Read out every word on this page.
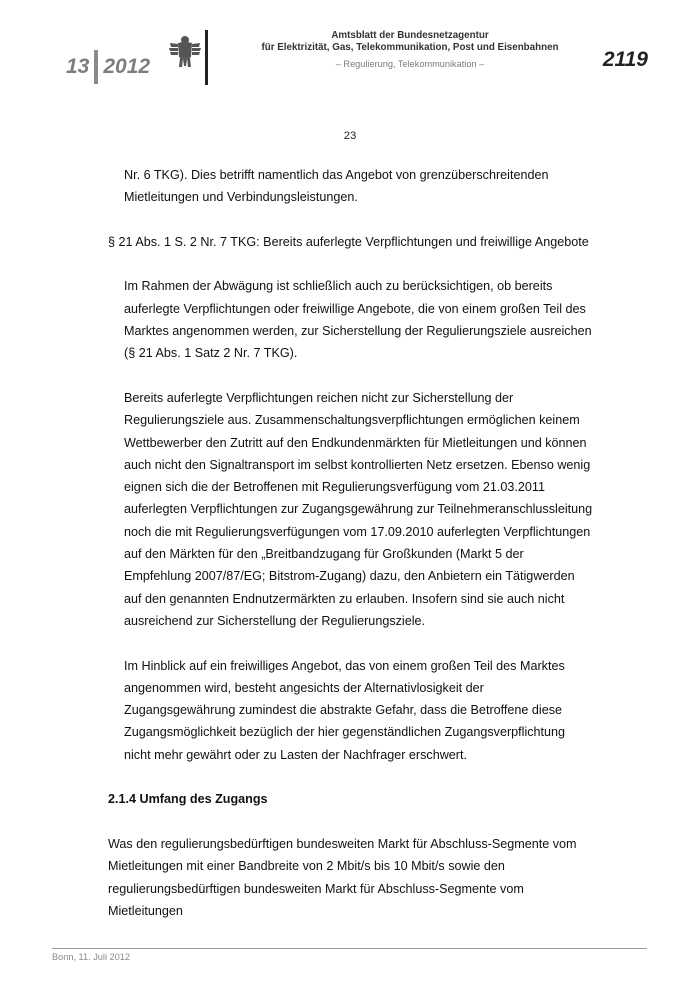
13 2012
Amtsblatt der Bundesnetzagentur
für Elektrizität, Gas, Telekommunikation, Post und Eisenbahnen
– Regulierung, Telekommunikation –	2119
23

Nr. 6 TKG). Dies betrifft namentlich das Angebot von grenzüberschreitenden Mietleitungen und Verbindungsleistungen.

§ 21 Abs. 1 S. 2 Nr. 7 TKG: Bereits auferlegte Verpflichtungen und freiwillige Angebote

Im Rahmen der Abwägung ist schließlich auch zu berücksichtigen, ob bereits auferlegte Verpflichtungen oder freiwillige Angebote, die von einem großen Teil des Marktes angenommen werden, zur Sicherstellung der Regulierungsziele ausreichen (§ 21 Abs. 1 Satz 2 Nr. 7 TKG).

Bereits auferlegte Verpflichtungen reichen nicht zur Sicherstellung der Regulierungsziele aus. Zusammenschaltungsverpflichtungen ermöglichen keinem Wettbewerber den Zutritt auf den Endkundenmärkten für Mietleitungen und können auch nicht den Signaltransport im selbst kontrollierten Netz ersetzen. Ebenso wenig eignen sich die der Betroffenen mit Regulierungsverfügung vom 21.03.2011 auferlegten Verpflichtungen zur Zugangsgewährung zur Teilnehmeranschlussleitung noch die mit Regulierungsverfügungen vom 17.09.2010 auferlegten Verpflichtungen auf den Märkten für den „Breitbandzugang für Großkunden (Markt 5 der Empfehlung 2007/87/EG; Bitstrom-Zugang) dazu, den Anbietern ein Tätigwerden auf den genannten Endnutzermärkten zu erlauben. Insofern sind sie auch nicht ausreichend zur Sicherstellung der Regulierungsziele.

Im Hinblick auf ein freiwilliges Angebot, das von einem großen Teil des Marktes angenommen wird, besteht angesichts der Alternativlosigkeit der Zugangsgewährung zumindest die abstrakte Gefahr, dass die Betroffene diese Zugangsmöglichkeit bezüglich der hier gegenständlichen Zugangsverpflichtung nicht mehr gewährt oder zu Lasten der Nachfrager erschwert.

2.1.4 Umfang des Zugangs

Was den regulierungsbedürftigen bundesweiten Markt für Abschluss-Segmente vom Mietleitungen mit einer Bandbreite von 2 Mbit/s bis 10 Mbit/s sowie den regulierungsbedürftigen bundesweiten Markt für Abschluss-Segmente vom Mietleitungen

Bonn, 11. Juli 2012
